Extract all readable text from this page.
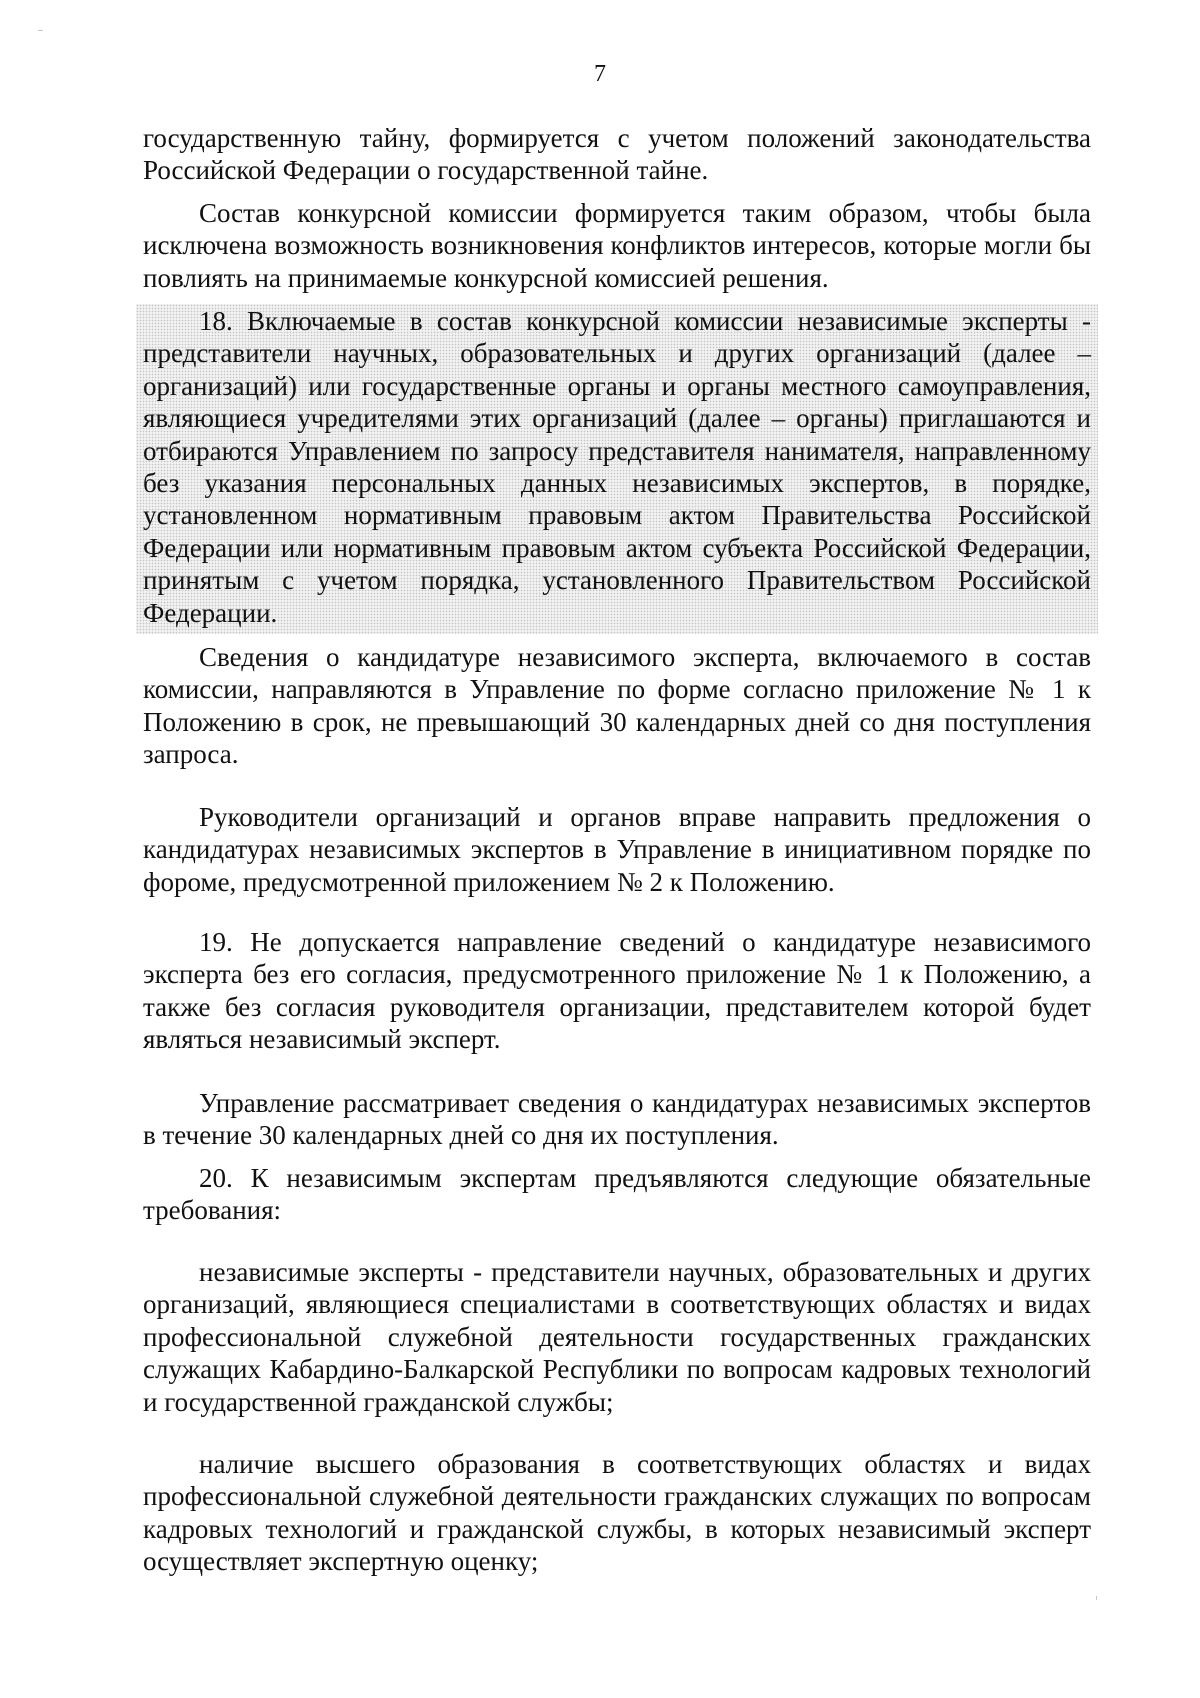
7

государственную тайну, формируется с учетом положений законодательства Российской Федерации о государственной тайне.

Состав конкурсной комиссии формируется таким образом, чтобы была исключена возможность возникновения конфликтов интересов, которые могли бы повлиять на принимаемые конкурсной комиссией решения.

18. Включаемые в состав конкурсной комиссии независимые эксперты - представители научных, образовательных и других организаций (далее – организаций) или государственные органы и органы местного самоуправления, являющиеся учредителями этих организаций (далее – органы) приглашаются и отбираются Управлением по запросу представителя нанимателя, направленному без указания персональных данных независимых экспертов, в порядке, установленном нормативным правовым актом Правительства Российской Федерации или нормативным правовым актом субъекта Российской Федерации, принятым с учетом порядка, установленного Правительством Российской Федерации.

Сведения о кандидатуре независимого эксперта, включаемого в состав комиссии, направляются в Управление по форме согласно приложение № 1 к Положению в срок, не превышающий 30 календарных дней со дня поступления запроса.

Руководители организаций и органов вправе направить предложения о кандидатурах независимых экспертов в Управление в инициативном порядке по фороме, предусмотренной приложением № 2 к Положению.

19. Не допускается направление сведений о кандидатуре независимого эксперта без его согласия, предусмотренного приложение № 1 к Положению, а также без согласия руководителя организации, представителем которой будет являться независимый эксперт.

Управление рассматривает сведения о кандидатурах независимых экспертов в течение 30 календарных дней со дня их поступления.

20. К независимым экспертам предъявляются следующие обязательные требования:

независимые эксперты - представители научных, образовательных и других организаций, являющиеся специалистами в соответствующих областях и видах профессиональной служебной деятельности государственных гражданских служащих Кабардино-Балкарской Республики по вопросам кадровых технологий и государственной гражданской службы;

наличие высшего образования в соответствующих областях и видах профессиональной служебной деятельности гражданских служащих по вопросам кадровых технологий и гражданской службы, в которых независимый эксперт осуществляет экспертную оценку;
